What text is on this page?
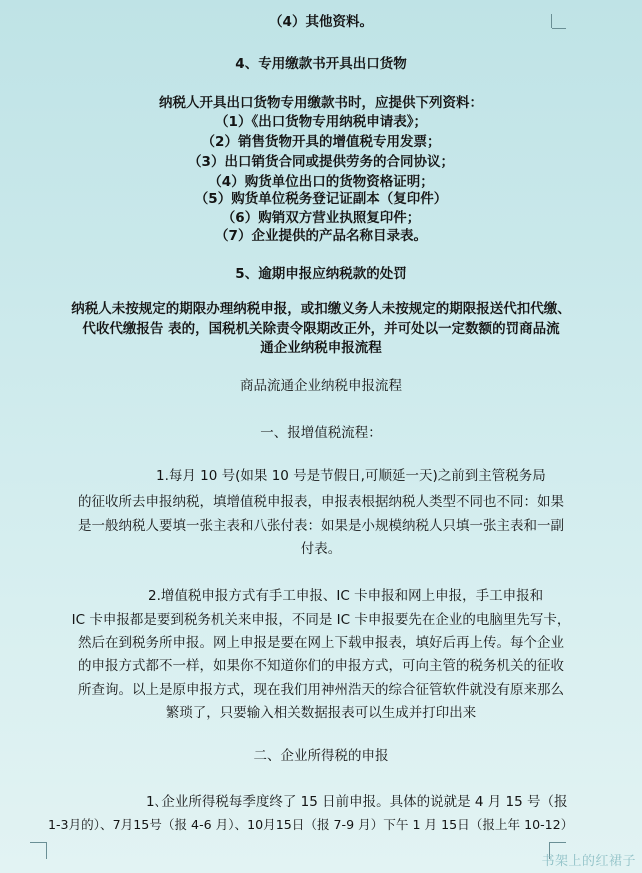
（4）其他资料。
4、专用缴款书开具出口货物
纳税人开具出口货物专用缴款书时，应提供下列资料：
（1）《出口货物专用纳税申请表》；
（2）销售货物开具的增值税专用发票；
（3）出口销货合同或提供劳务的合同协议；
（4）购货单位出口的货物资格证明；
（5）购货单位税务登记证副本（复印件）
（6）购销双方营业执照复印件；
（7）企业提供的产品名称目录表。
5、逾期申报应纳税款的处罚
纳税人未按规定的期限办理纳税申报，或扣缴义务人未按规定的期限报送代扣代缴、
代收代缴报告 表的，国税机关除责令限期改正外，并可处以一定数额的罚商品流
通企业纳税申报流程
商品流通企业纳税申报流程
一、报增值税流程：
1.每月 10 号(如果 10 号是节假日,可顺延一天)之前到主管税务局
的征收所去申报纳税，填增值税申报表，申报表根据纳税人类型不同也不同：如果
是一般纳税人要填一张主表和八张付表：如果是小规模纳税人只填一张主表和一副
付表。
2.增值税申报方式有手工申报、IC 卡申报和网上申报，手工申报和
IC 卡申报都是要到税务机关来申报，不同是 IC 卡申报要先在企业的电脑里先写卡，
然后在到税务所申报。网上申报是要在网上下载申报表，填好后再上传。每个企业
的申报方式都不一样，如果你不知道你们的申报方式，可向主管的税务机关的征收
所查询。以上是原申报方式，现在我们用神州浩天的综合征管软件就没有原来那么
繁琐了，只要输入相关数据报表可以生成并打印出来
二、企业所得税的申报
1､企业所得税每季度终了 15 日前申报。具体的说就是 4 月 15 号（报
1-3月的）、7月15号（报 4-6 月）、10月15日（报 7-9 月）下午 1 月 15日（报上年 10-12）
书架上的红裙子
